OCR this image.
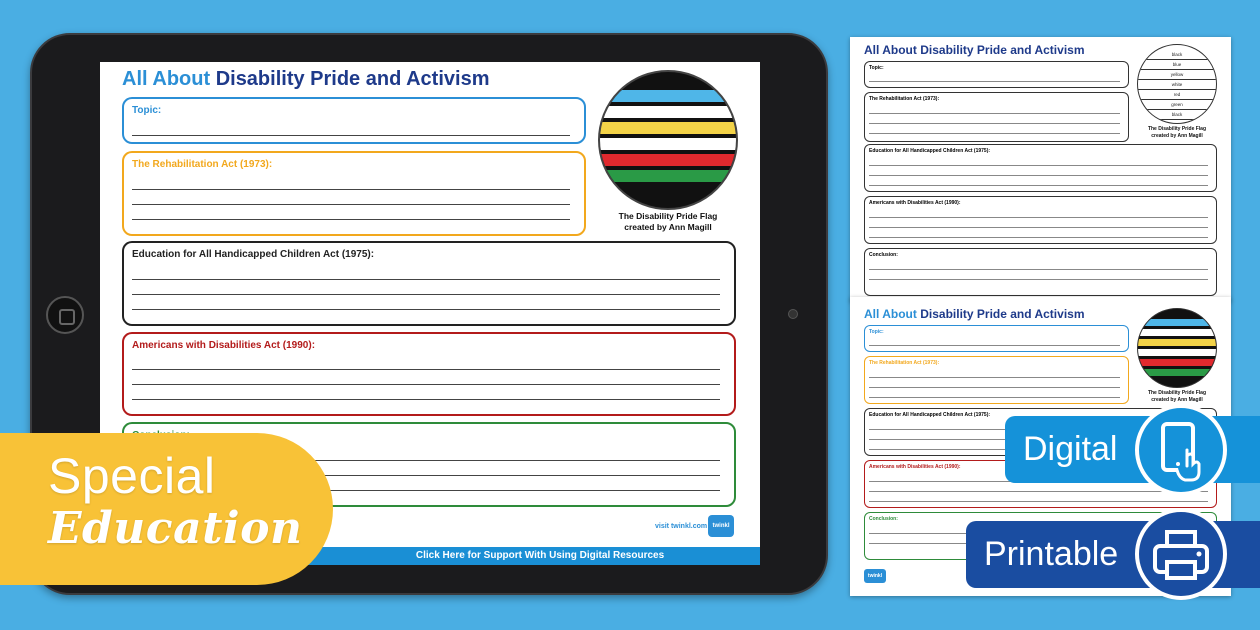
All About Disability Pride and Activism
Topic:
The Rehabilitation Act (1973):
The Disability Pride Flag
created by Ann Magill
Education for All Handicapped Children Act (1975):
Americans with Disabilities Act (1990):
visit twinkl.com twinkl
Click Here for Support With Using Digital Resources
All About Disability Pride and Activism
Topic:
The Rehabilitation Act (1973):
black
blue
yellow
white
red
green
black
The Disability Pride Flag
created by Ann Magill
Education for All Handicapped Children Act (1975):
Americans with Disabilities Act (1990):
Conclusion:
All About Disability Pride and Activism
Topic:
The Rehabilitation Act (1973):
The Disability Pride Flag
created by Ann Magill
Education for All Handicapped Children Act (1975):
Americans with Disabilities Act (1990):
Conclusion:
twinkl
Special
Education
Digital
Printable
